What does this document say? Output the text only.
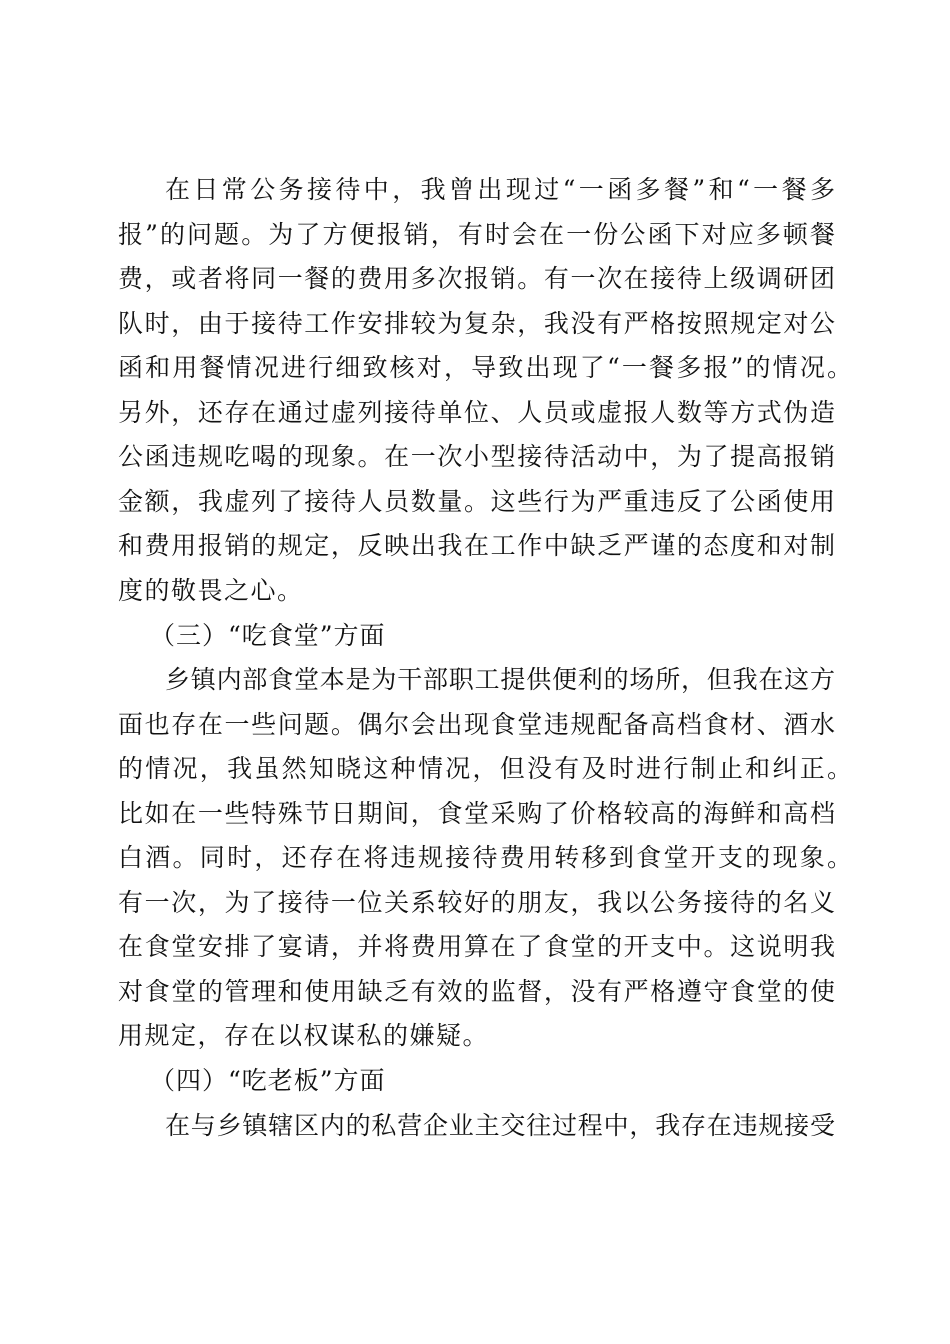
在日常公务接待中，我曾出现过“一函多餐”和“一餐多
报”的问题。为了方便报销，有时会在一份公函下对应多顿餐
费，或者将同一餐的费用多次报销。有一次在接待上级调研团
队时，由于接待工作安排较为复杂，我没有严格按照规定对公
函和用餐情况进行细致核对，导致出现了“一餐多报”的情况。
另外，还存在通过虚列接待单位、人员或虚报人数等方式伪造
公函违规吃喝的现象。在一次小型接待活动中，为了提高报销
金额，我虚列了接待人员数量。这些行为严重违反了公函使用
和费用报销的规定，反映出我在工作中缺乏严谨的态度和对制
度的敬畏之心。
（三）“吃食堂”方面
乡镇内部食堂本是为干部职工提供便利的场所，但我在这方
面也存在一些问题。偶尔会出现食堂违规配备高档食材、酒水
的情况，我虽然知晓这种情况，但没有及时进行制止和纠正。
比如在一些特殊节日期间，食堂采购了价格较高的海鲜和高档
白酒。同时，还存在将违规接待费用转移到食堂开支的现象。
有一次，为了接待一位关系较好的朋友，我以公务接待的名义
在食堂安排了宴请，并将费用算在了食堂的开支中。这说明我
对食堂的管理和使用缺乏有效的监督，没有严格遵守食堂的使
用规定，存在以权谋私的嫌疑。
（四）“吃老板”方面
在与乡镇辖区内的私营企业主交往过程中，我存在违规接受
